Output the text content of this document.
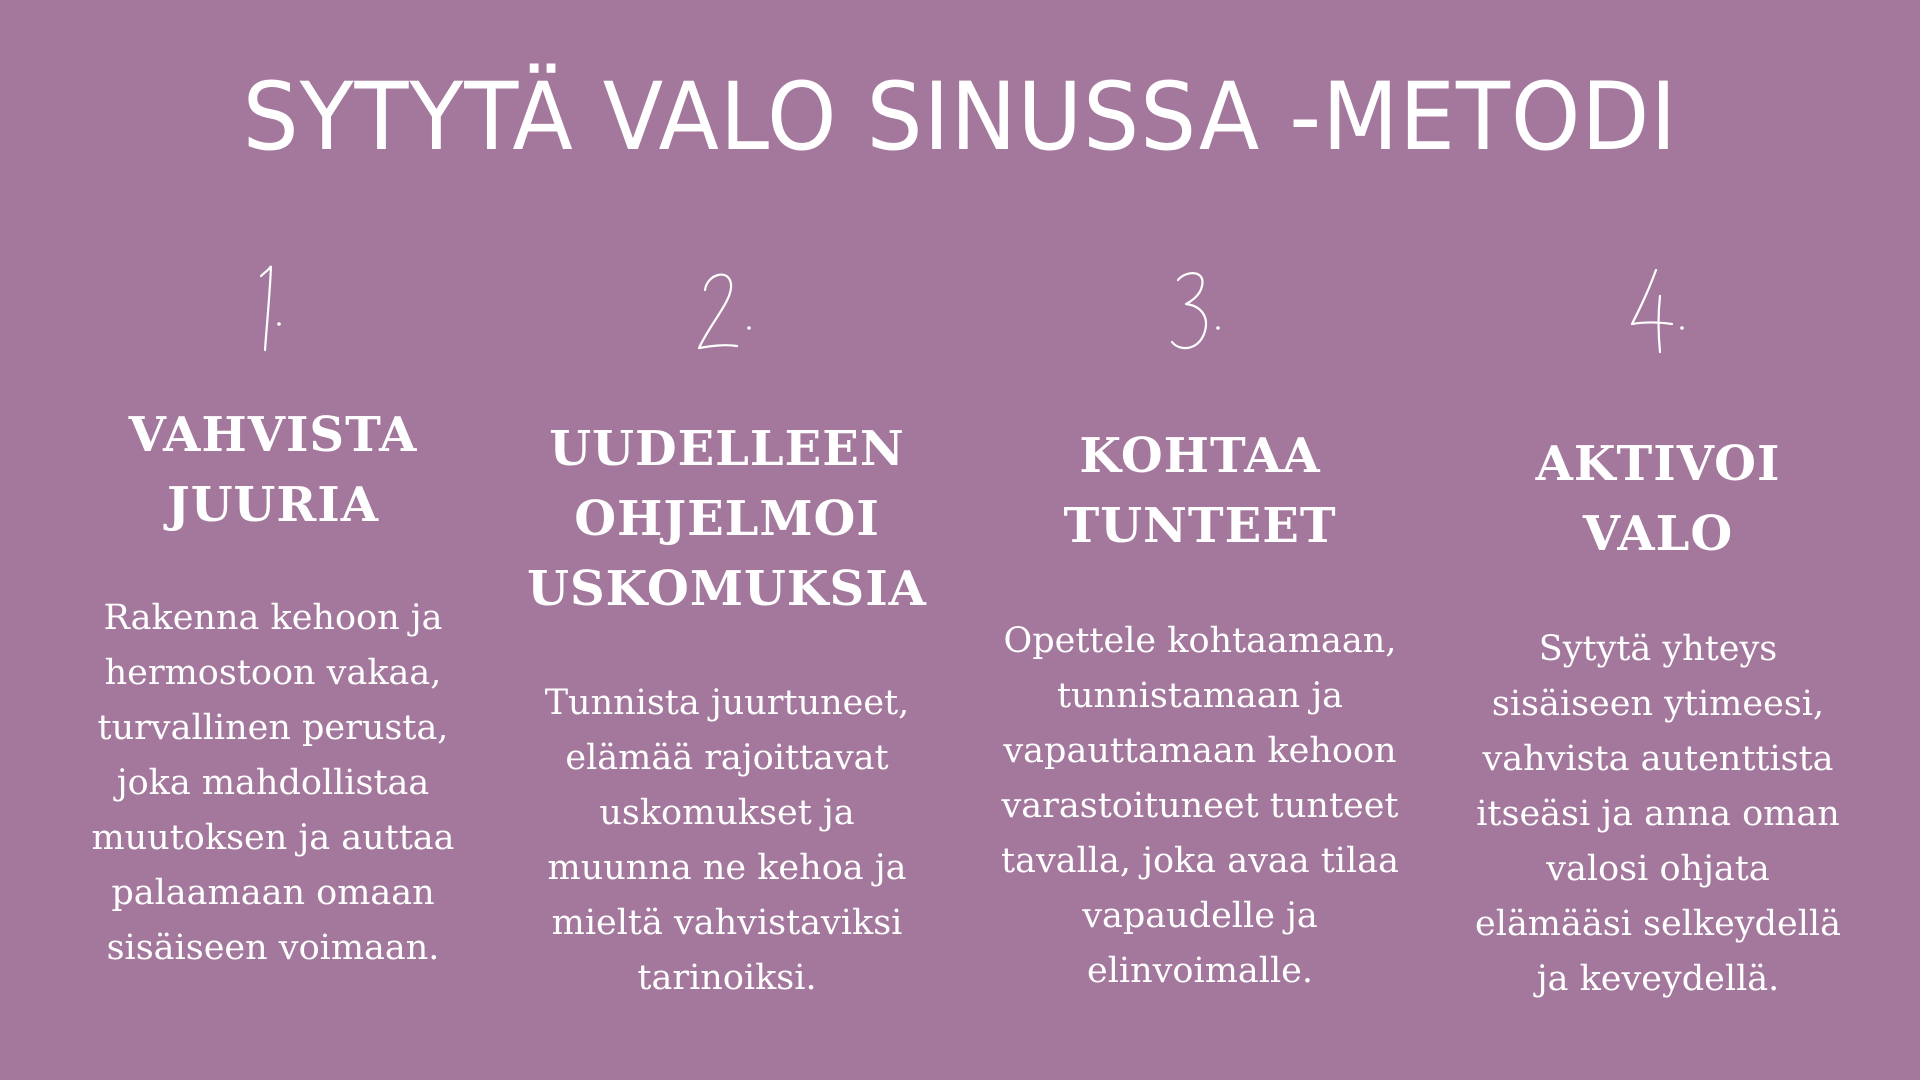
SYTYTÄ VALO SINUSSA -METODI
VAHVISTA
JUURIA
Rakenna kehoon ja
hermostoon vakaa,
turvallinen perusta,
joka mahdollistaa
muutoksen ja auttaa
palaamaan omaan
sisäiseen voimaan.
UUDELLEEN
OHJELMOI
USKOMUKSIA
Tunnista juurtuneet,
elämää rajoittavat
uskomukset ja
muunna ne kehoa ja
mieltä vahvistaviksi
tarinoiksi.
KOHTAA
TUNTEET
Opettele kohtaamaan,
tunnistamaan ja
vapauttamaan kehoon
varastoituneet tunteet
tavalla, joka avaa tilaa
vapaudelle ja
elinvoimalle.
AKTIVOI
VALO
Sytytä yhteys
sisäiseen ytimeesi,
vahvista autenttista
itseäsi ja anna oman
valosi ohjata
elämääsi selkeydellä
ja keveydellä.
